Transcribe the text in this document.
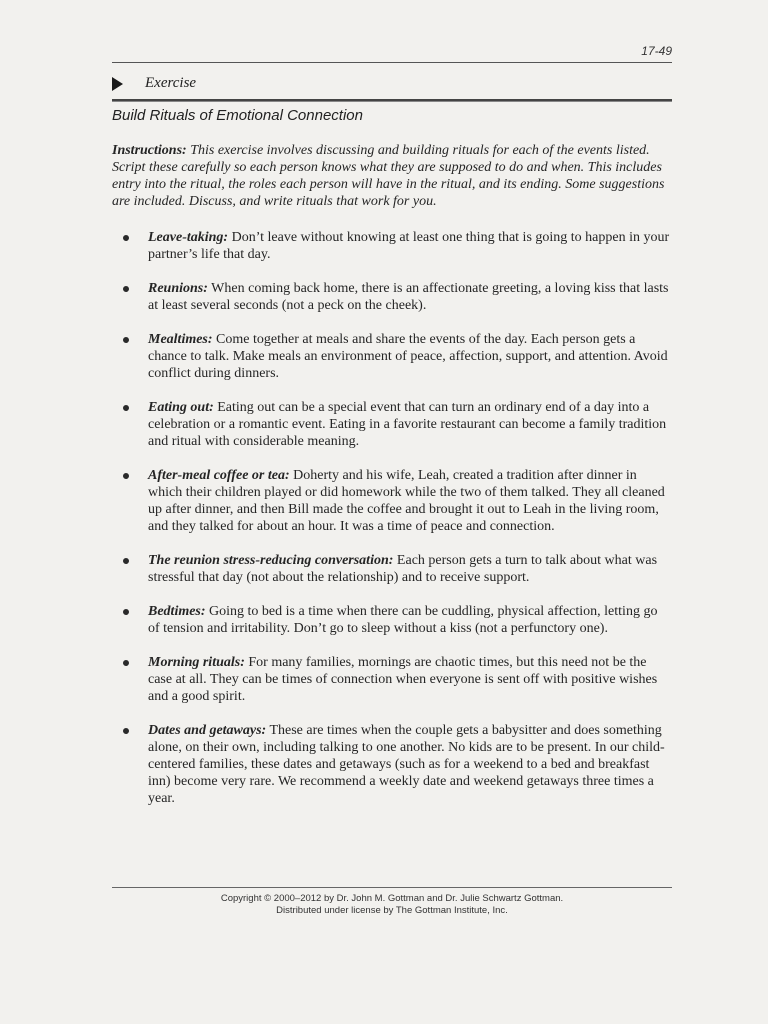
17-49
Exercise
Build Rituals of Emotional Connection
Instructions: This exercise involves discussing and building rituals for each of the events listed. Script these carefully so each person knows what they are supposed to do and when. This includes entry into the ritual, the roles each person will have in the ritual, and its ending. Some suggestions are included. Discuss, and write rituals that work for you.
Leave-taking: Don’t leave without knowing at least one thing that is going to happen in your partner’s life that day.
Reunions: When coming back home, there is an affectionate greeting, a loving kiss that lasts at least several seconds (not a peck on the cheek).
Mealtimes: Come together at meals and share the events of the day. Each person gets a chance to talk. Make meals an environment of peace, affection, support, and attention. Avoid conflict during dinners.
Eating out: Eating out can be a special event that can turn an ordinary end of a day into a celebration or a romantic event. Eating in a favorite restaurant can become a family tradition and ritual with considerable meaning.
After-meal coffee or tea: Doherty and his wife, Leah, created a tradition after dinner in which their children played or did homework while the two of them talked. They all cleaned up after dinner, and then Bill made the coffee and brought it out to Leah in the living room, and they talked for about an hour. It was a time of peace and connection.
The reunion stress-reducing conversation: Each person gets a turn to talk about what was stressful that day (not about the relationship) and to receive support.
Bedtimes: Going to bed is a time when there can be cuddling, physical affection, letting go of tension and irritability. Don’t go to sleep without a kiss (not a perfunctory one).
Morning rituals: For many families, mornings are chaotic times, but this need not be the case at all. They can be times of connection when everyone is sent off with positive wishes and a good spirit.
Dates and getaways: These are times when the couple gets a babysitter and does something alone, on their own, including talking to one another. No kids are to be present. In our child-centered families, these dates and getaways (such as for a weekend to a bed and breakfast inn) become very rare. We recommend a weekly date and weekend getaways three times a year.
Copyright © 2000–2012 by Dr. John M. Gottman and Dr. Julie Schwartz Gottman.
Distributed under license by The Gottman Institute, Inc.
